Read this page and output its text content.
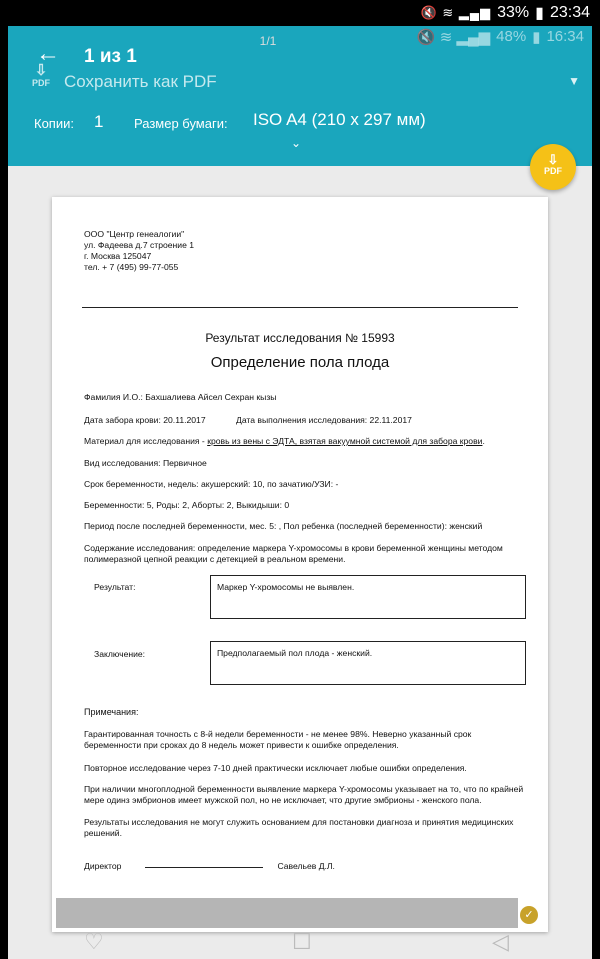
🔇 ≋ ▂▄▆ 33% ▮ 23:34
🔇 ≋ ▂▄▆ 48% ▮ 16:34
← 1 из 1
⇩
PDF Сохранить как PDF	▼
Копии: 1 Размер бумаги: ISO A4 (210 x 297 мм)
⌄
⇩
PDF
ООО "Центр генеалогии"
ул. Фадеева д.7 строение 1
г. Москва 125047
тел. + 7 (495) 99-77-055
Результат исследования № 15993
Определение пола плода
Фамилия И.О.: Бахшалиева Айсел Сехран кызы
Дата забора крови: 20.11.2017	Дата выполнения исследования: 22.11.2017
Материал для исследования - кровь из вены с ЭДТА, взятая вакуумной системой для забора крови.
Вид исследования: Первичное
Срок беременности, недель: акушерский: 10, по зачатию/УЗИ: -
Беременности: 5, Роды: 2, Аборты: 2, Выкидыши: 0
Период после последней беременности, мес. 5: , Пол ребенка (последней беременности): женский
Содержание исследования: определение маркера Y-хромосомы в крови беременной женщины методом полимеразной цепной реакции с детекцией в реальном времени.
Результат:	Маркер Y-хромосомы не выявлен.
Заключение:	Предполагаемый пол плода - женский.
Примечания:
Гарантированная точность с 8-й недели беременности - не менее 98%. Неверно указанный срок беременности при сроках до 8 недель может привести к ошибке определения.
Повторное исследование через 7-10 дней практически исключает любые ошибки определения.
При наличии многоплодной беременности выявление маркера Y-хромосомы указывает на то, что по крайней мере одинз эмбрионов имеет мужской пол, но не исключает, что другие эмбрионы - женского пола.
Результаты исследования не могут служить основанием для постановки диагноза и принятия медицинских решений.
Директор	Савельев Д.Л.
1/1
✓
♡	☐	◁
